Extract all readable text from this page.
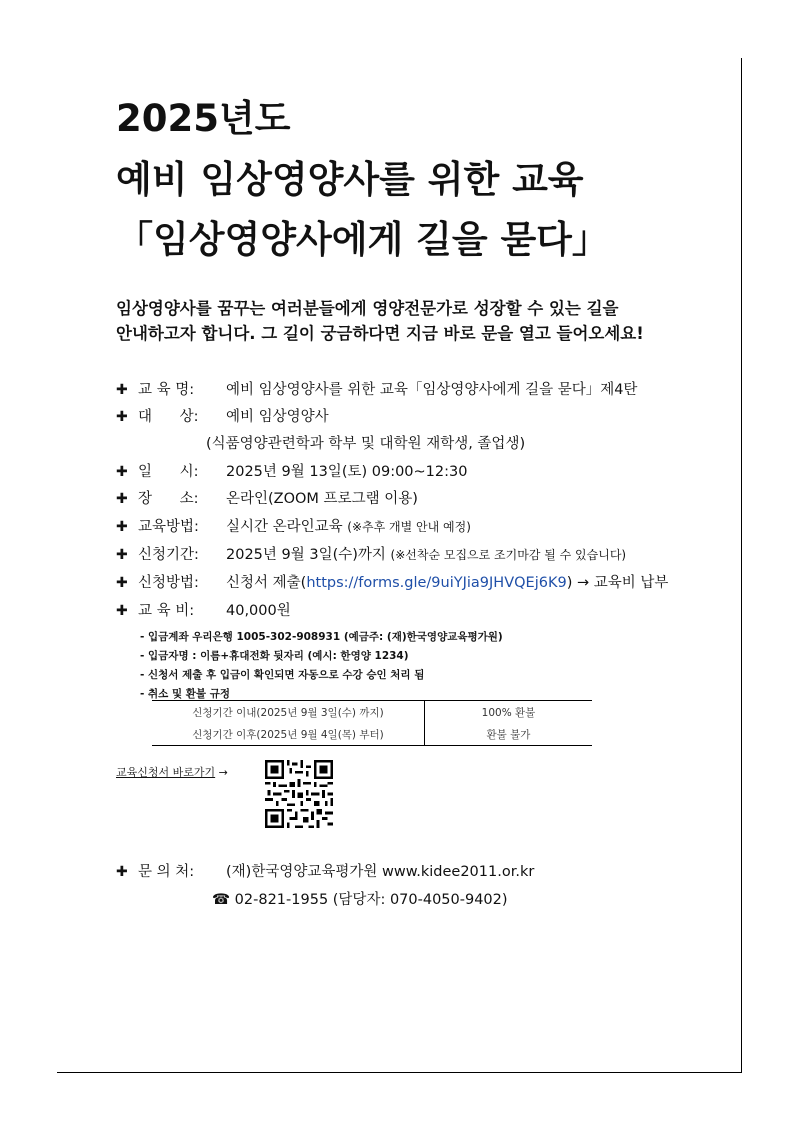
2025년도
예비 임상영양사를 위한 교육
「임상영양사에게 길을 묻다」
임상영양사를 꿈꾸는 여러분들에게 영양전문가로 성장할 수 있는 길을
안내하고자 합니다. 그 길이 궁금하다면 지금 바로 문을 열고 들어오세요!
✚ 교 육 명: 예비 임상영양사를 위한 교육「임상영양사에게 길을 묻다」제4탄
✚ 대      상: 예비 임상영양사
(식품영양관련학과 학부 및 대학원 재학생, 졸업생)
✚ 일      시: 2025년 9월 13일(토) 09:00~12:30
✚ 장      소: 온라인(ZOOM 프로그램 이용)
✚ 교육방법: 실시간 온라인교육 (※추후 개별 안내 예정)
✚ 신청기간: 2025년 9월 3일(수)까지 (※선착순 모집으로 조기마감 될 수 있습니다)
✚ 신청방법: 신청서 제출(https://forms.gle/9uiYJia9JHVQEj6K9) → 교육비 납부
✚ 교 육 비: 40,000원
- 입금계좌 우리은행 1005-302-908931 (예금주: (재)한국영양교육평가원)
- 입금자명 : 이름+휴대전화 뒷자리 (예시: 한영양 1234)
- 신청서 제출 후 입금이 확인되면 자동으로 수강 승인 처리 됨
- 취소 및 환불 규정
신청기간 이내(2025년 9월 3일(수) 까지)	100% 환불
신청기간 이후(2025년 9월 4일(목) 부터)	환불 불가
교육신청서 바로가기 →
✚ 문 의 처: (재)한국영양교육평가원 www.kidee2011.or.kr
☎ 02-821-1955 (담당자: 070-4050-9402)
